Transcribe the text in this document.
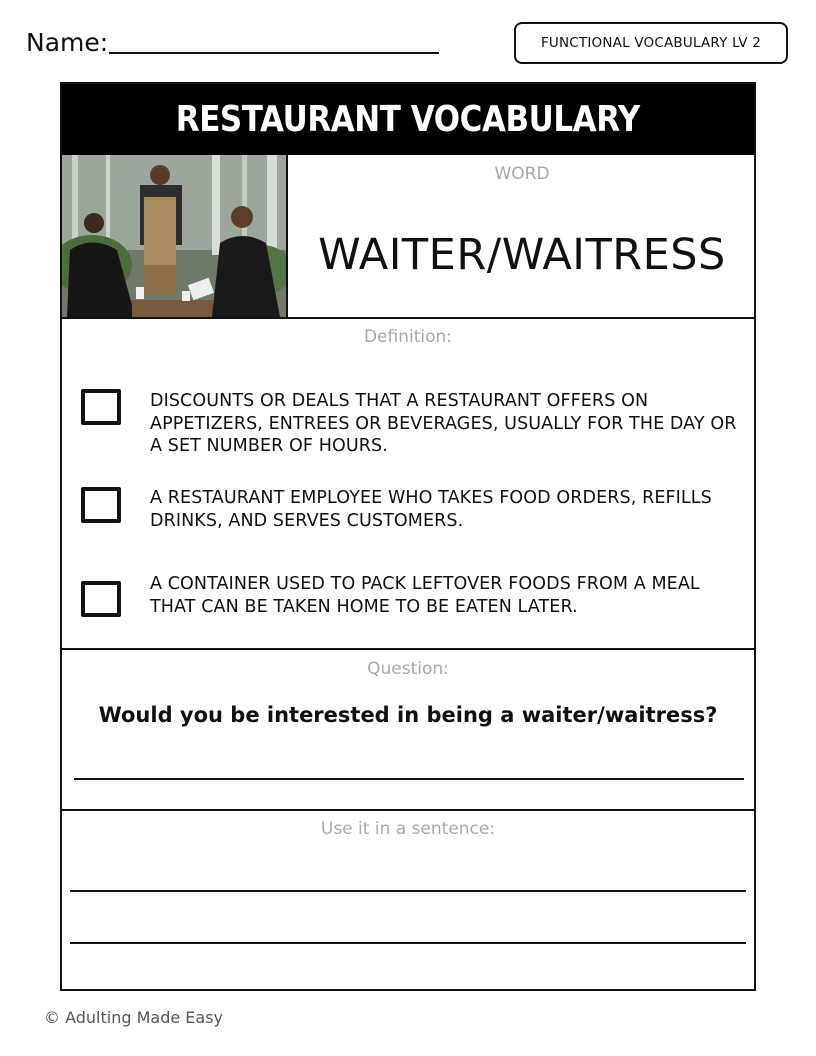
Name:	FUNCTIONAL VOCABULARY LV 2
RESTAURANT VOCABULARY
WORD
WAITER/WAITRESS
Definition:
DISCOUNTS OR DEALS THAT A RESTAURANT OFFERS ON APPETIZERS, ENTREES OR BEVERAGES, USUALLY FOR THE DAY OR A SET NUMBER OF HOURS.
A RESTAURANT EMPLOYEE WHO TAKES FOOD ORDERS, REFILLS DRINKS, AND SERVES CUSTOMERS.
A CONTAINER USED TO PACK LEFTOVER FOODS FROM A MEAL THAT CAN BE TAKEN HOME TO BE EATEN LATER.
Question:
Would you be interested in being a waiter/waitress?
Use it in a sentence:
© Adulting Made Easy
